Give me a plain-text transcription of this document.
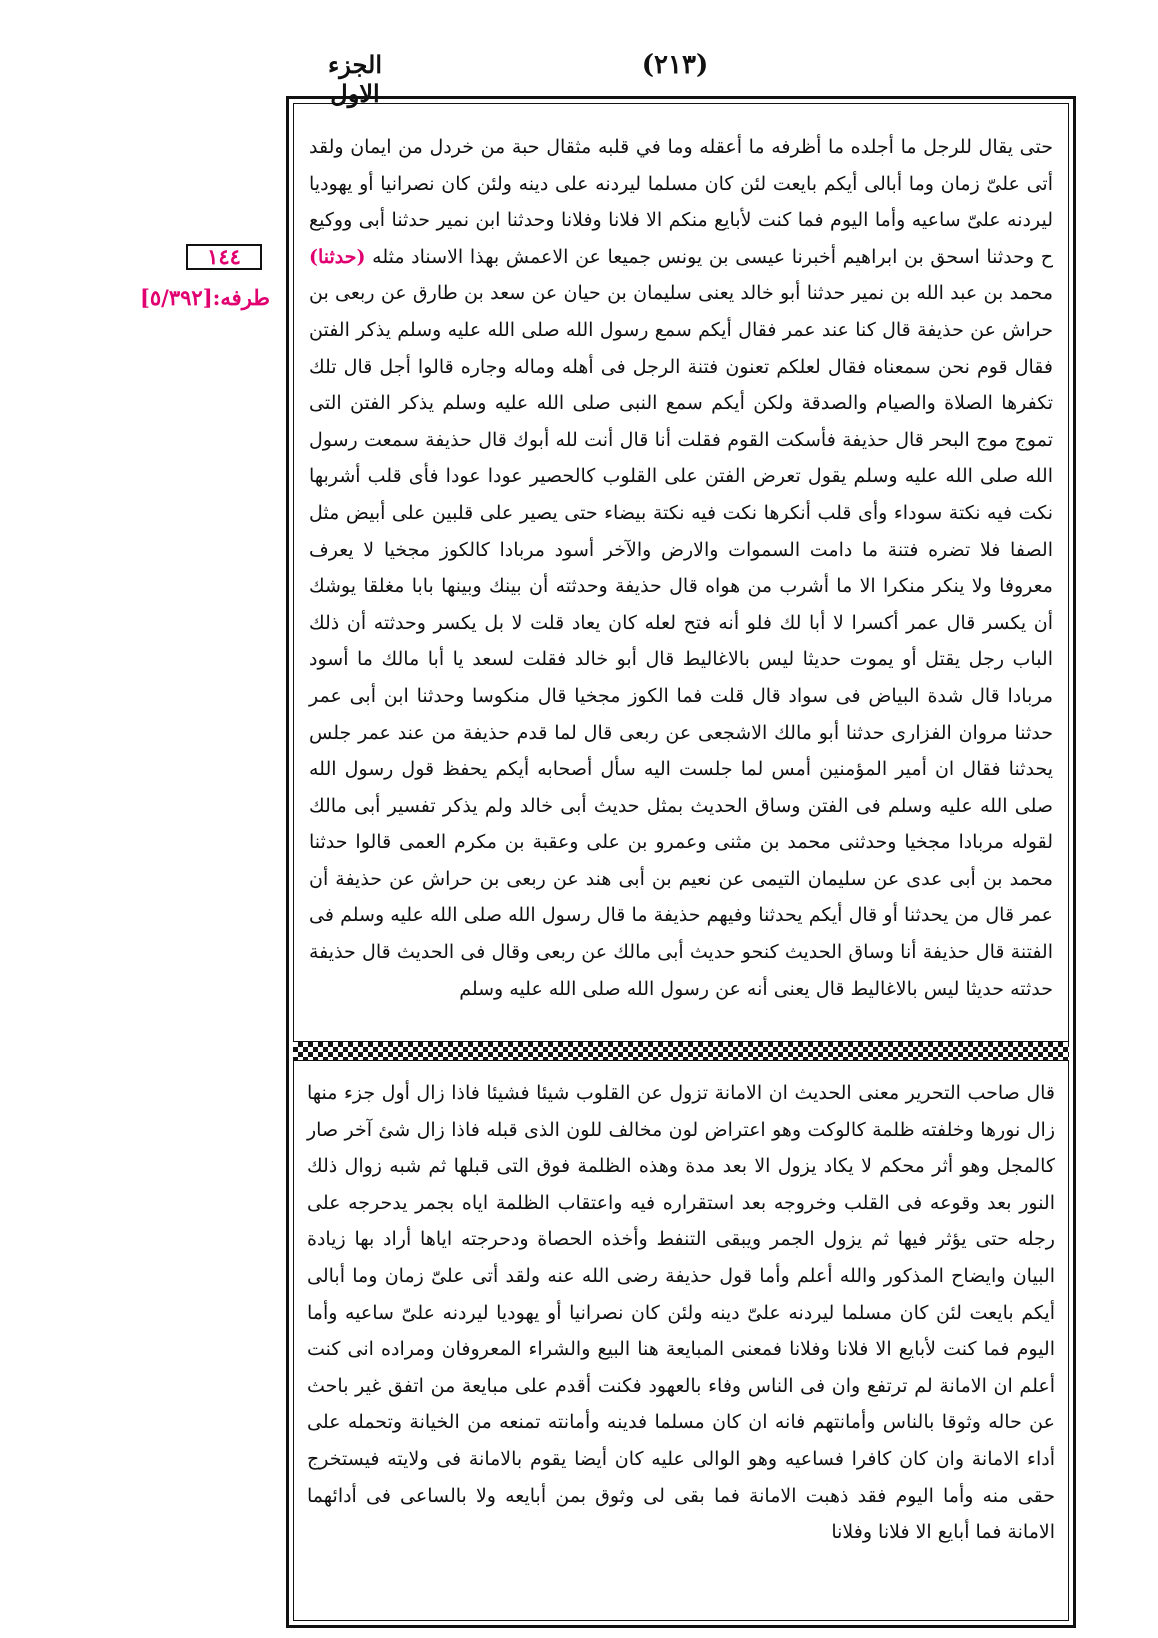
الجزء الاول
(٢١٣)
١٤٤
طرفه:[٥/٣٩٢]

حتى يقال للرجل ما أجلده ما أظرفه ما أعقله وما في قلبه مثقال حبة من خردل من ايمان ولقد أتى علىّ زمان وما أبالى أيكم بايعت لئن كان مسلما ليردنه على دينه ولئن كان نصرانيا أو يهوديا ليردنه علىّ ساعيه وأما اليوم فما كنت لأبايع منكم الا فلانا وفلانا وحدثنا ابن نمير حدثنا أبى ووكيع ح وحدثنا اسحق بن ابراهيم أخبرنا عيسى بن يونس جميعا عن الاعمش بهذا الاسناد مثله (حدثنا) محمد بن عبد الله بن نمير حدثنا أبو خالد يعنى سليمان بن حيان عن سعد بن طارق عن ربعى بن حراش عن حذيفة قال كنا عند عمر فقال أيكم سمع رسول الله صلى الله عليه وسلم يذكر الفتن فقال قوم نحن سمعناه فقال لعلكم تعنون فتنة الرجل فى أهله وماله وجاره قالوا أجل قال تلك تكفرها الصلاة والصيام والصدقة ولكن أيكم سمع النبى صلى الله عليه وسلم يذكر الفتن التى تموج موج البحر قال حذيفة فأسكت القوم فقلت أنا قال أنت لله أبوك قال حذيفة سمعت رسول الله صلى الله عليه وسلم يقول تعرض الفتن على القلوب كالحصير عودا عودا فأى قلب أشربها نكت فيه نكتة سوداء وأى قلب أنكرها نكت فيه نكتة بيضاء حتى يصير على قلبين على أبيض مثل الصفا فلا تضره فتنة ما دامت السموات والارض والآخر أسود مربادا كالكوز مجخيا لا يعرف معروفا ولا ينكر منكرا الا ما أشرب من هواه قال حذيفة وحدثته أن بينك وبينها بابا مغلقا يوشك أن يكسر قال عمر أكسرا لا أبا لك فلو أنه فتح لعله كان يعاد قلت لا بل يكسر وحدثته أن ذلك الباب رجل يقتل أو يموت حديثا ليس بالاغاليط قال أبو خالد فقلت لسعد يا أبا مالك ما أسود مربادا قال شدة البياض فى سواد قال قلت فما الكوز مجخيا قال منكوسا وحدثنا ابن أبى عمر حدثنا مروان الفزارى حدثنا أبو مالك الاشجعى عن ربعى قال لما قدم حذيفة من عند عمر جلس يحدثنا فقال ان أمير المؤمنين أمس لما جلست اليه سأل أصحابه أيكم يحفظ قول رسول الله صلى الله عليه وسلم فى الفتن وساق الحديث بمثل حديث أبى خالد ولم يذكر تفسير أبى مالك لقوله مربادا مجخيا وحدثنى محمد بن مثنى وعمرو بن على وعقبة بن مكرم العمى قالوا حدثنا محمد بن أبى عدى عن سليمان التيمى عن نعيم بن أبى هند عن ربعى بن حراش عن حذيفة أن عمر قال من يحدثنا أو قال أيكم يحدثنا وفيهم حذيفة ما قال رسول الله صلى الله عليه وسلم فى الفتنة قال حذيفة أنا وساق الحديث كنحو حديث أبى مالك عن ربعى وقال فى الحديث قال حذيفة حدثته حديثا ليس بالاغاليط قال يعنى أنه عن رسول الله صلى الله عليه وسلم

قال صاحب التحرير معنى الحديث ان الامانة تزول عن القلوب شيئا فشيئا فاذا زال أول جزء منها زال نورها وخلفته ظلمة كالوكت وهو اعتراض لون مخالف للون الذى قبله فاذا زال شئ آخر صار كالمجل وهو أثر محكم لا يكاد يزول الا بعد مدة وهذه الظلمة فوق التى قبلها ثم شبه زوال ذلك النور بعد وقوعه فى القلب وخروجه بعد استقراره فيه واعتقاب الظلمة اياه بجمر يدحرجه على رجله حتى يؤثر فيها ثم يزول الجمر ويبقى التنفط وأخذه الحصاة ودحرجته اياها أراد بها زيادة البيان وايضاح المذكور والله أعلم وأما قول حذيفة رضى الله عنه ولقد أتى علىّ زمان وما أبالى أيكم بايعت لئن كان مسلما ليردنه علىّ دينه ولئن كان نصرانيا أو يهوديا ليردنه علىّ ساعيه وأما اليوم فما كنت لأبايع الا فلانا وفلانا فمعنى المبايعة هنا البيع والشراء المعروفان ومراده انى كنت أعلم ان الامانة لم ترتفع وان فى الناس وفاء بالعهود فكنت أقدم على مبايعة من اتفق غير باحث عن حاله وثوقا بالناس وأمانتهم فانه ان كان مسلما فدينه وأمانته تمنعه من الخيانة وتحمله على أداء الامانة وان كان كافرا فساعيه وهو الوالى عليه كان أيضا يقوم بالامانة فى ولايته فيستخرج حقى منه وأما اليوم فقد ذهبت الامانة فما بقى لى وثوق بمن أبايعه ولا بالساعى فى أدائهما الامانة فما أبايع الا فلانا وفلانا
